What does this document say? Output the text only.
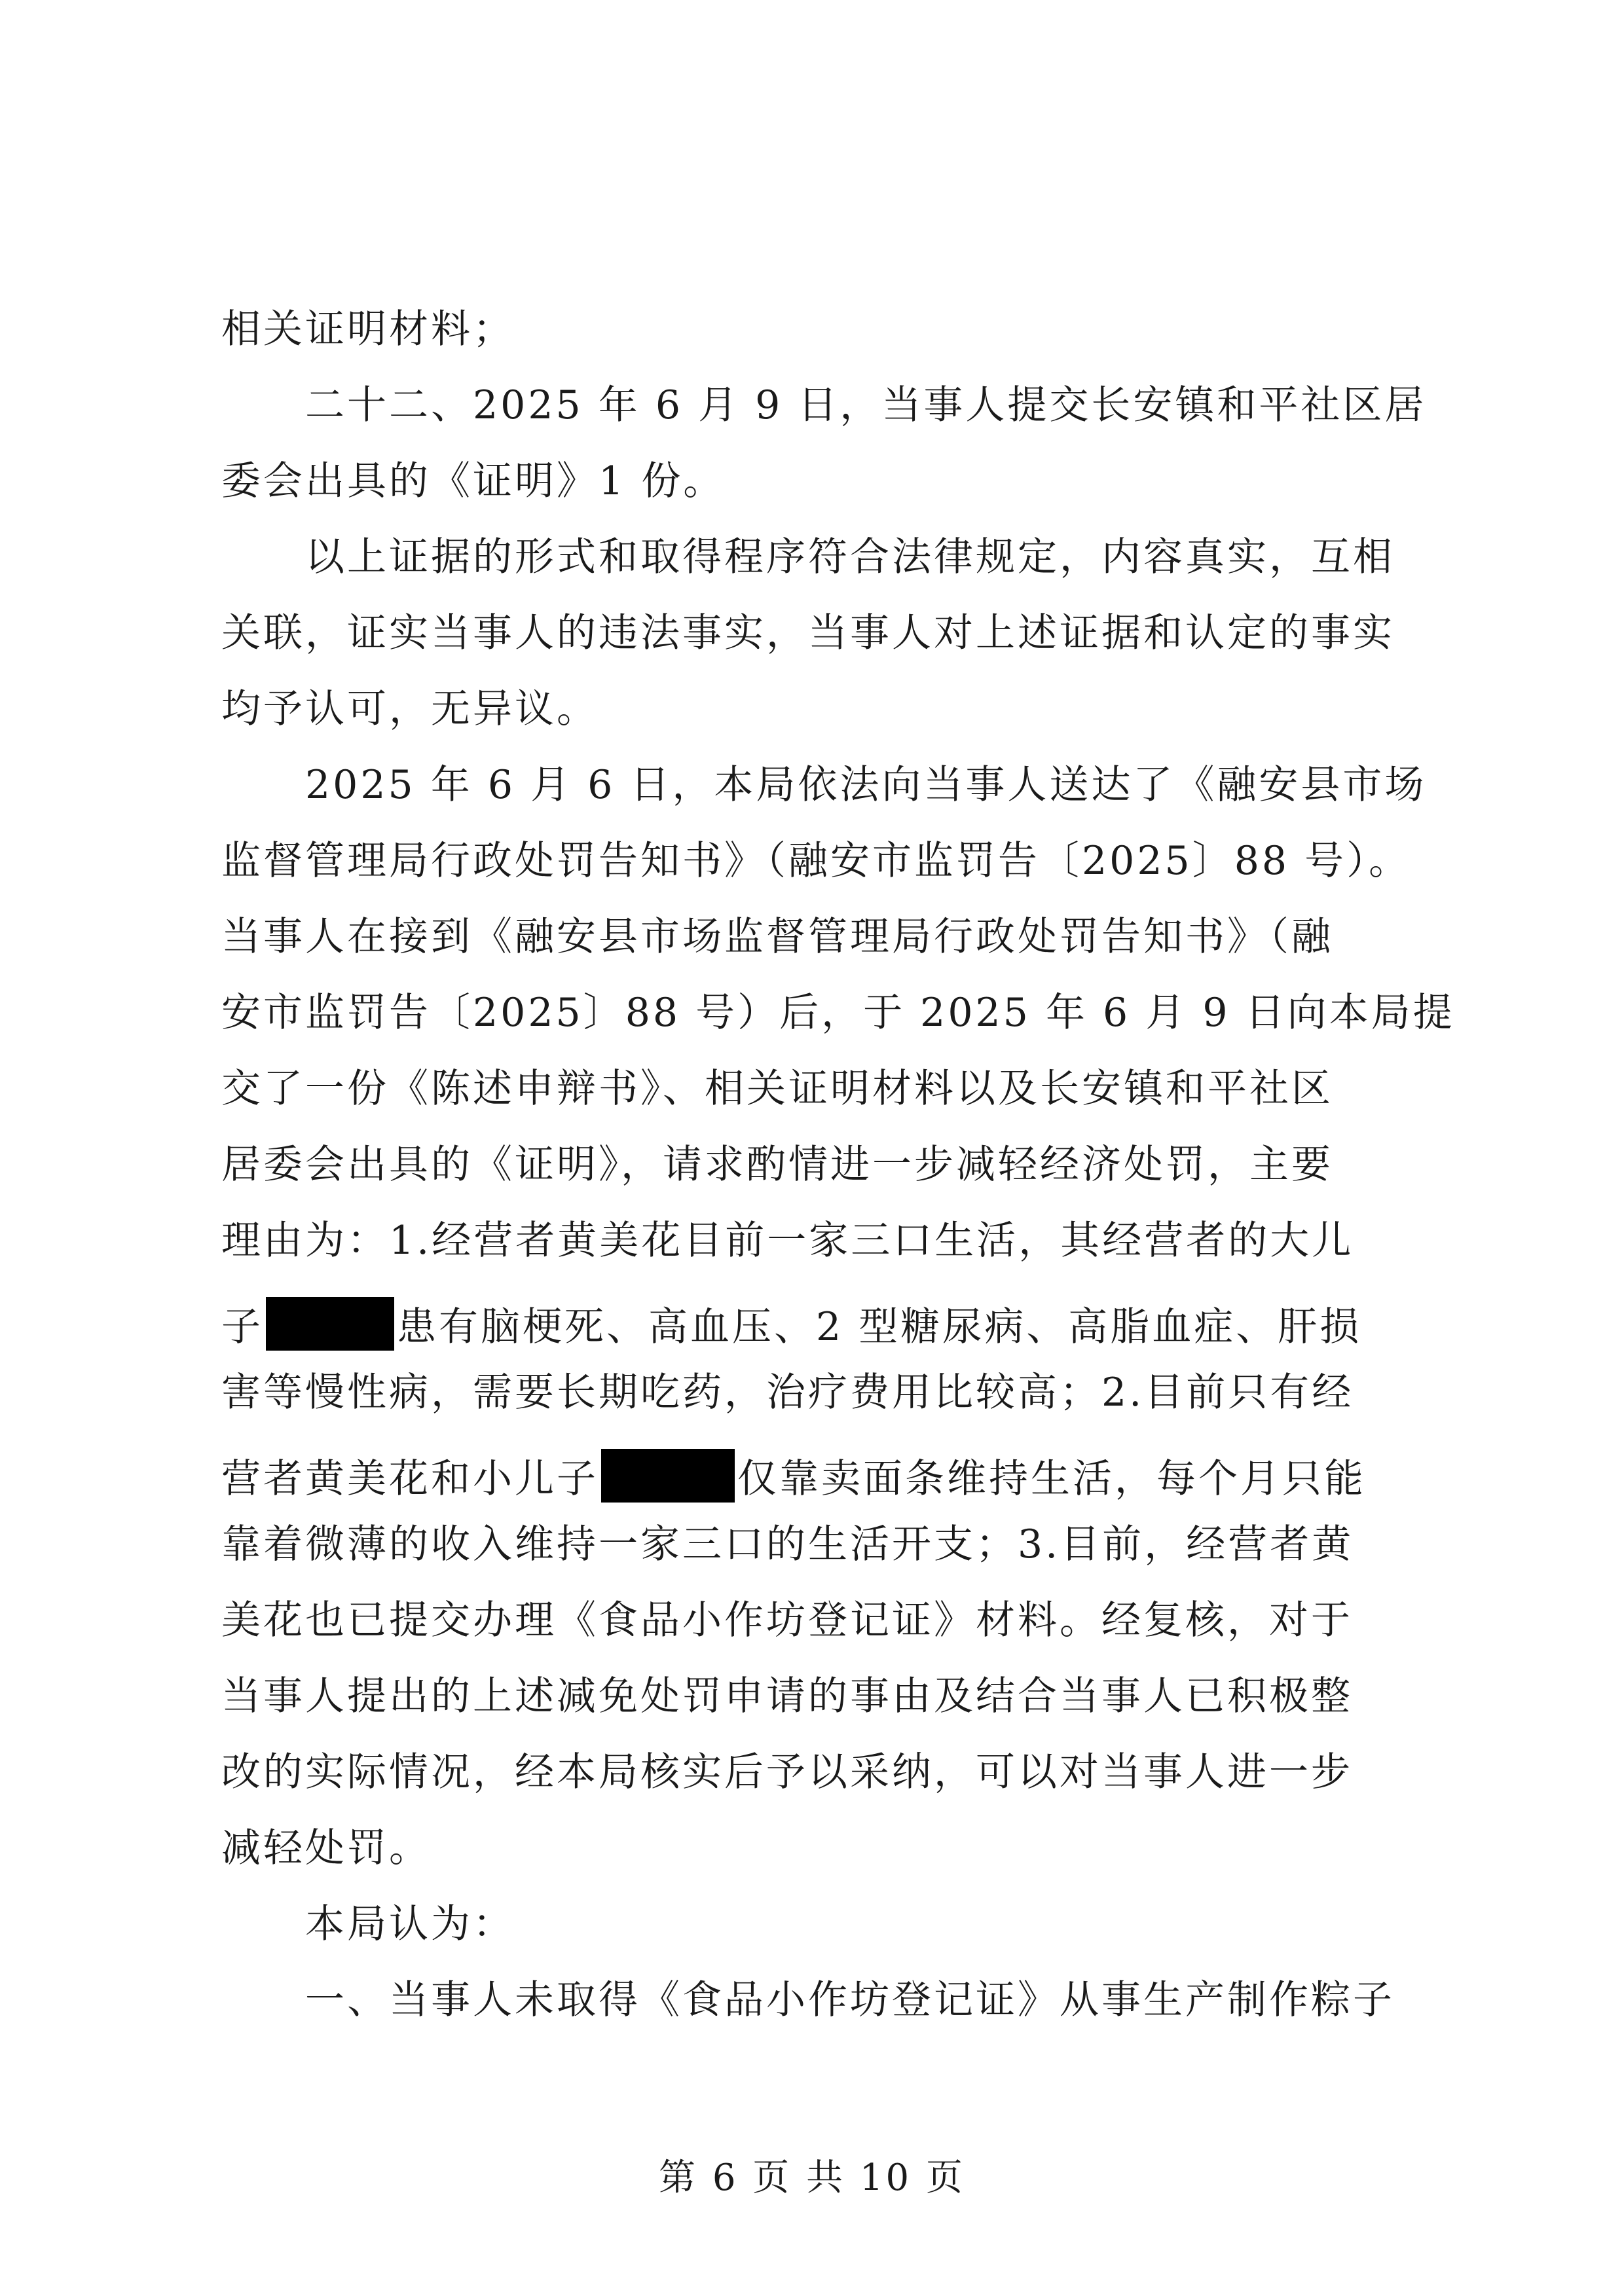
相关证明材料；
二十二、2025 年 6 月 9 日，当事人提交长安镇和平社区居
委会出具的《证明》1 份。
以上证据的形式和取得程序符合法律规定，内容真实，互相
关联，证实当事人的违法事实，当事人对上述证据和认定的事实
均予认可，无异议。
2025 年 6 月 6 日，本局依法向当事人送达了《融安县市场
监督管理局行政处罚告知书》（融安市监罚告〔2025〕88 号）。
当事人在接到《融安县市场监督管理局行政处罚告知书》（融
安市监罚告〔2025〕88 号）后，于 2025 年 6 月 9 日向本局提
交了一份《陈述申辩书》、相关证明材料以及长安镇和平社区
居委会出具的《证明》，请求酌情进一步减轻经济处罚，主要
理由为：1.经营者黄美花目前一家三口生活，其经营者的大儿
子	患有脑梗死、高血压、2 型糖尿病、高脂血症、肝损
害等慢性病，需要长期吃药，治疗费用比较高；2.目前只有经
营者黄美花和小儿子	仅靠卖面条维持生活，每个月只能
靠着微薄的收入维持一家三口的生活开支；3.目前，经营者黄
美花也已提交办理《食品小作坊登记证》材料。经复核，对于
当事人提出的上述减免处罚申请的事由及结合当事人已积极整
改的实际情况，经本局核实后予以采纳，可以对当事人进一步
减轻处罚。
本局认为：
一、当事人未取得《食品小作坊登记证》从事生产制作粽子
第 6 页 共 10 页
